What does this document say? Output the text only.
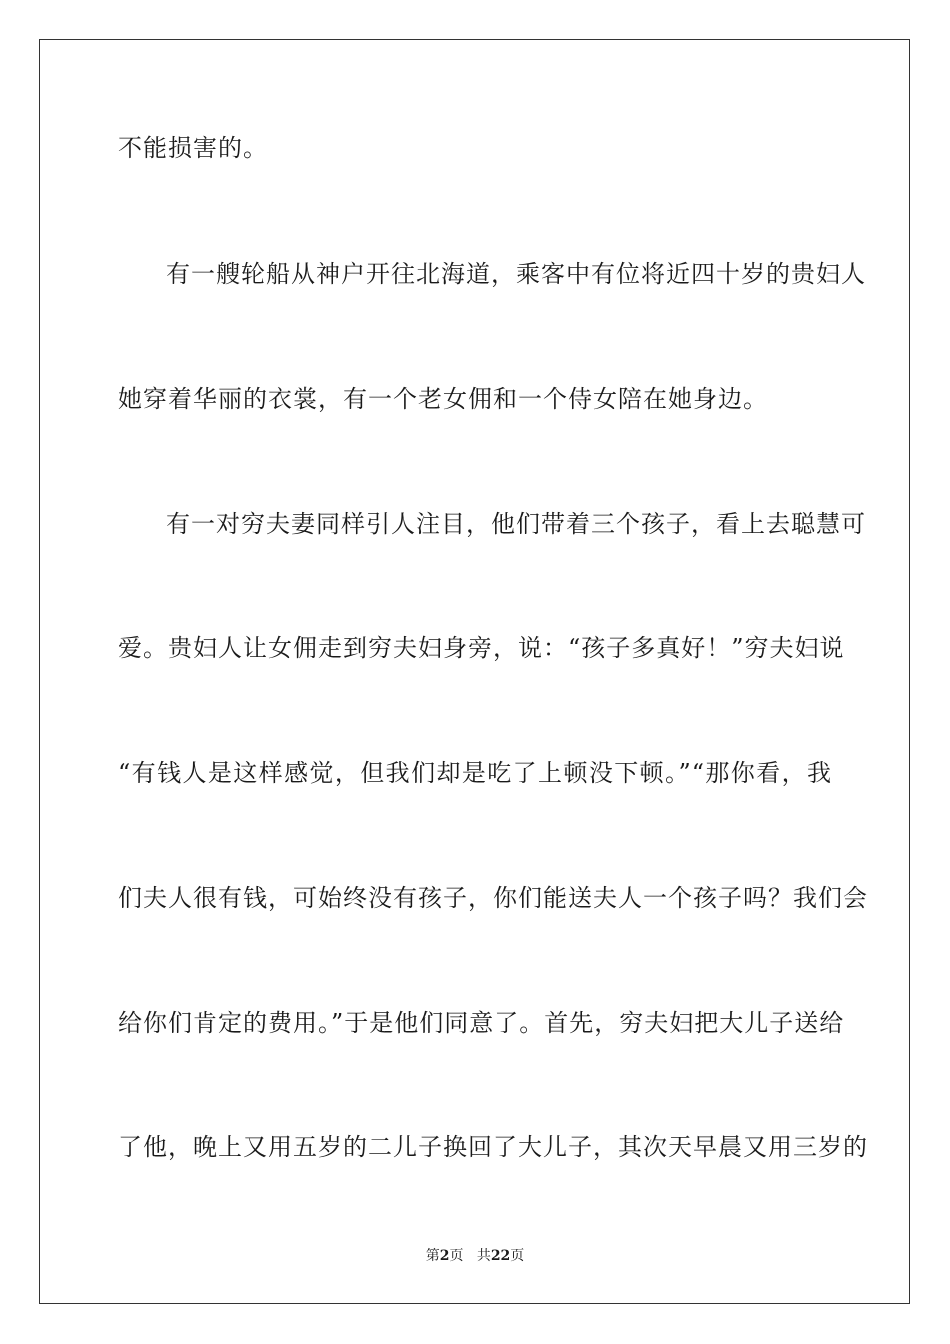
不能损害的。
有一艘轮船从神户开往北海道，乘客中有位将近四十岁的贵妇人
她穿着华丽的衣裳，有一个老女佣和一个侍女陪在她身边。
有一对穷夫妻同样引人注目，他们带着三个孩子，看上去聪慧可
爱。贵妇人让女佣走到穷夫妇身旁，说：“孩子多真好！”穷夫妇说
“有钱人是这样感觉，但我们却是吃了上顿没下顿。”“那你看，我
们夫人很有钱，可始终没有孩子，你们能送夫人一个孩子吗？我们会
给你们肯定的费用。”于是他们同意了。首先，穷夫妇把大儿子送给
了他，晚上又用五岁的二儿子换回了大儿子，其次天早晨又用三岁的
第2页 共22页
